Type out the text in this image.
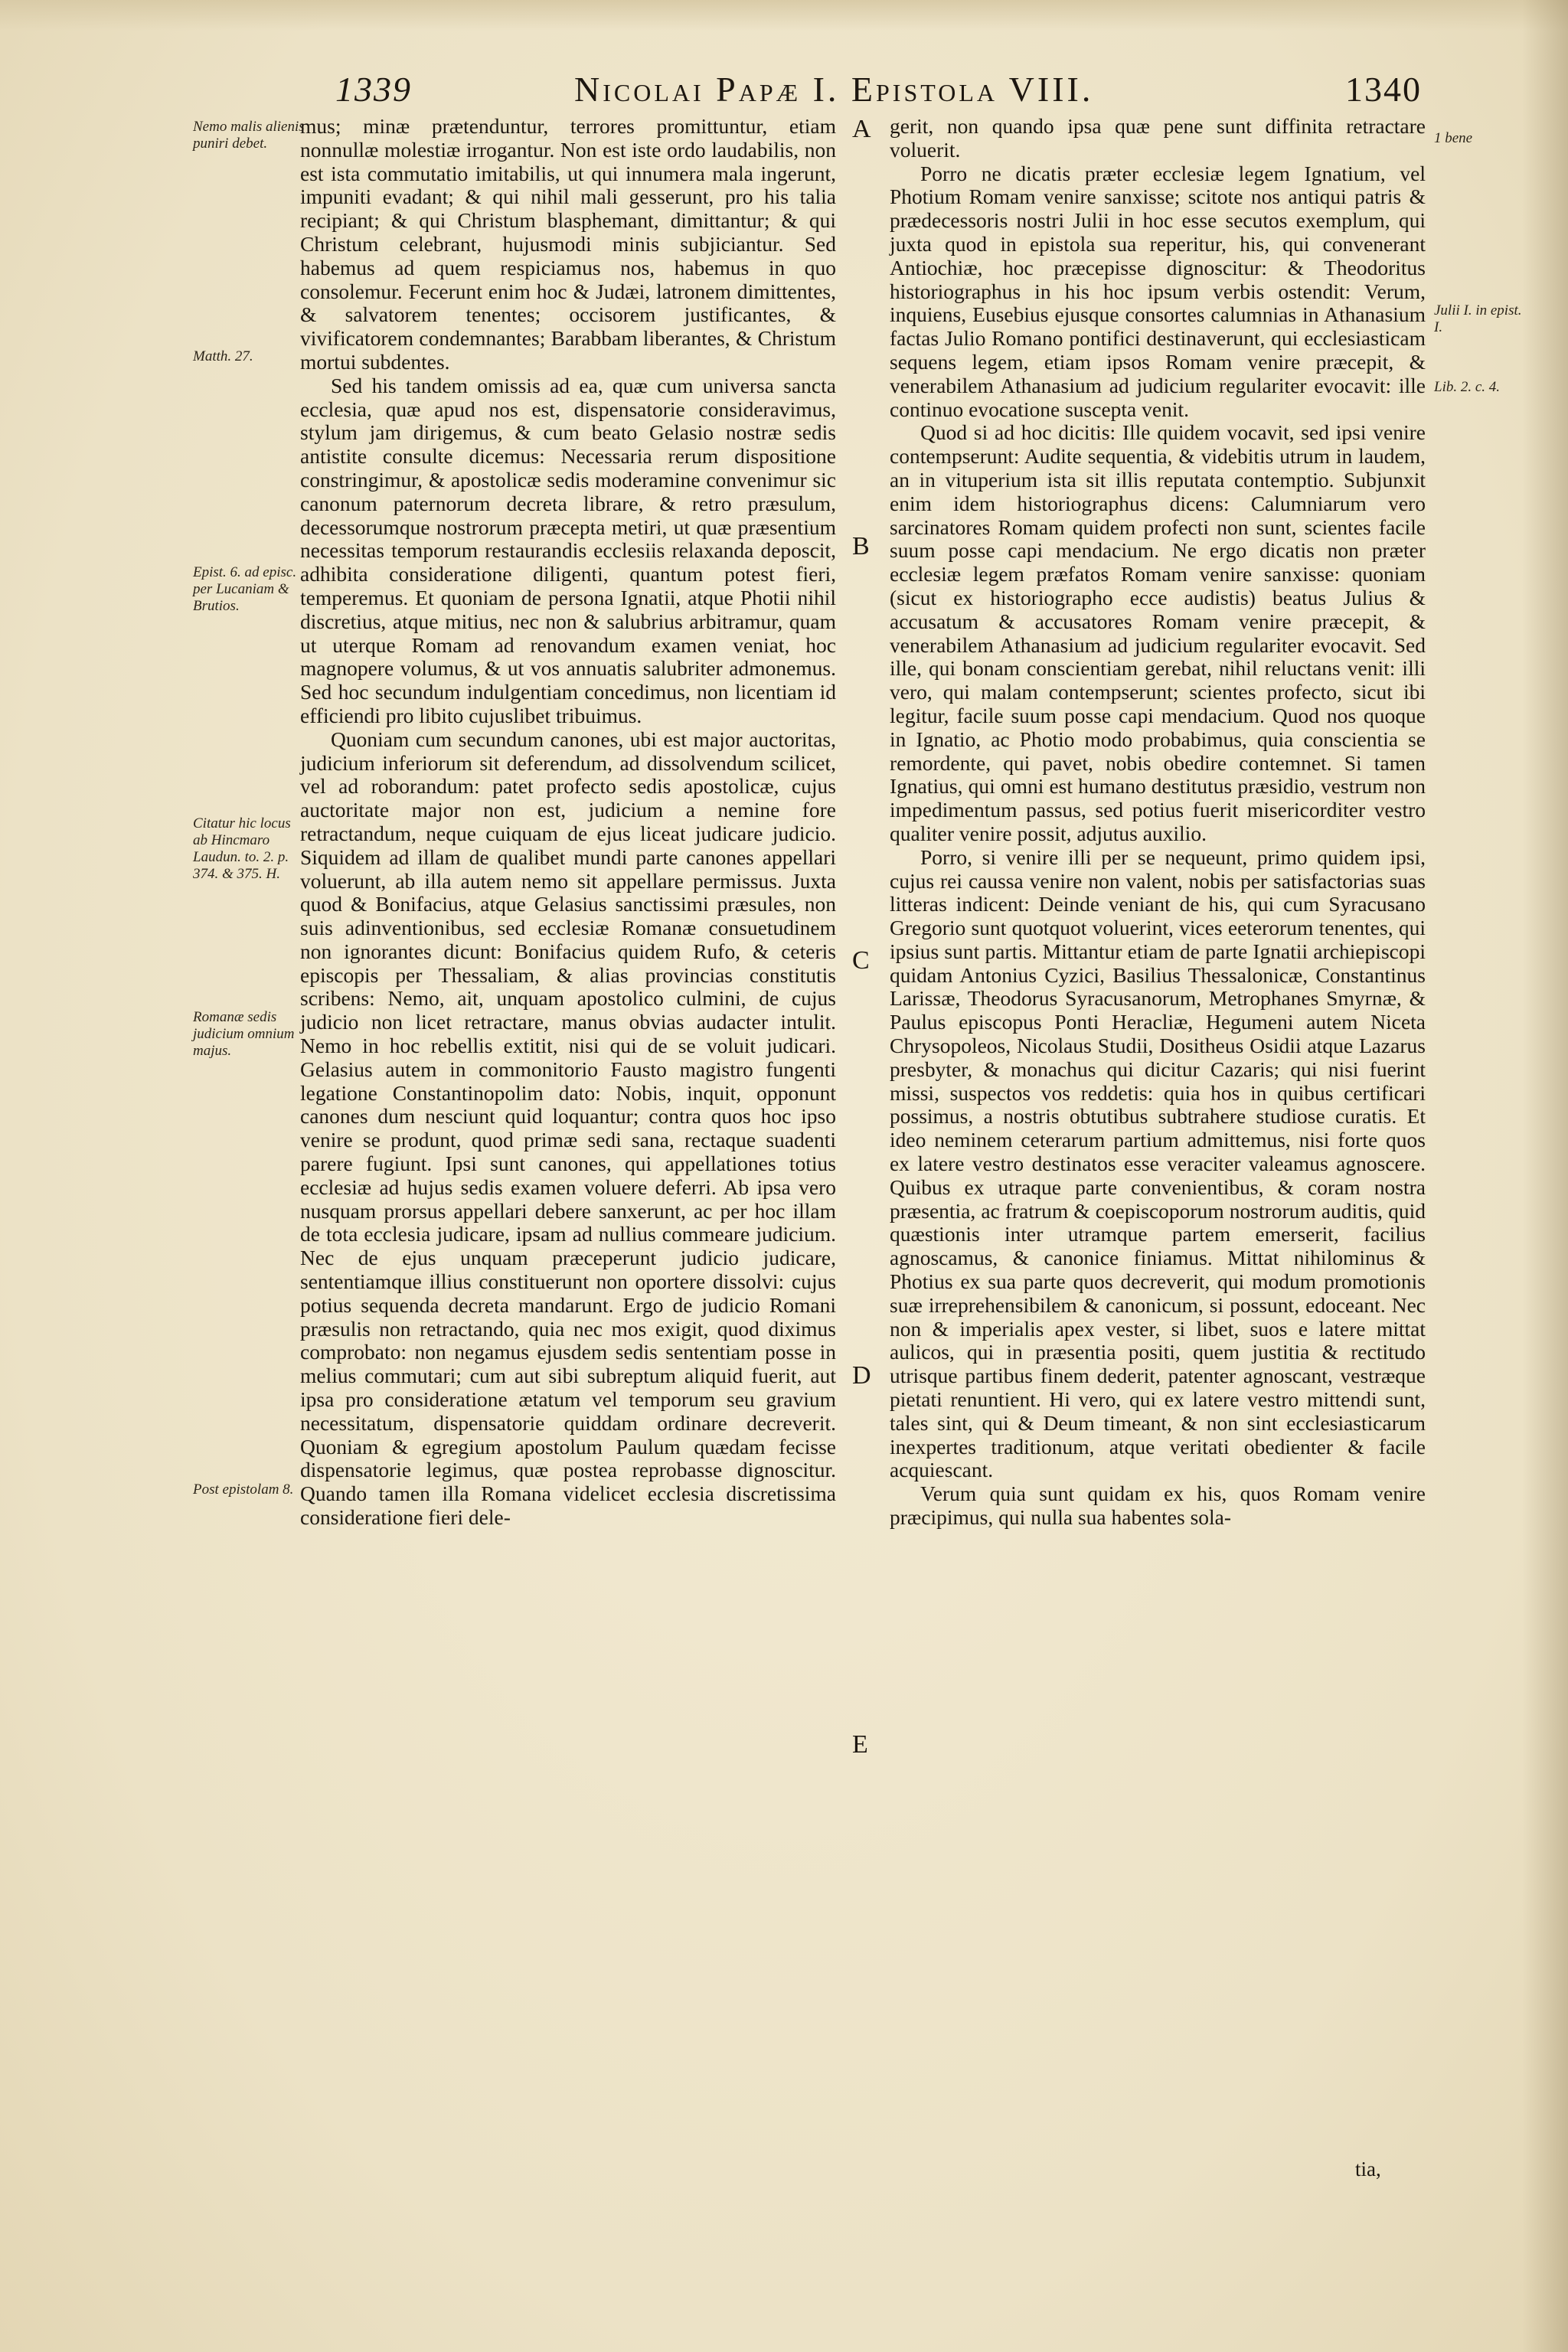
1339	Nicolai Papæ I. Epistola VIII.	1340
A
B
C
D
E
Nemo malis alienis puniri debet.
Matth. 27.
Epist. 6. ad episc. per Lucaniam & Brutios.
Citatur hic locus ab Hincmaro Laudun. to. 2. p. 374. & 375. H.
Romanæ sedis judicium omnium majus.
Post epistolam 8.
1 bene
Julii I. in epist. I.
Lib. 2. c. 4.

mus; minæ prætenduntur, terrores promittuntur, etiam nonnullæ molestiæ irrogantur. Non est iste ordo laudabilis, non est ista commutatio imitabilis, ut qui innumera mala ingerunt, impuniti evadant; & qui nihil mali gesserunt, pro his talia recipiant; & qui Christum blasphemant, dimittantur; & qui Christum celebrant, hujusmodi minis subjiciantur. Sed habemus ad quem respiciamus nos, habemus in quo consolemur. Fecerunt enim hoc & Judæi, latronem dimittentes, & salvatorem tenentes; occisorem justificantes, & vivificatorem condemnantes; Barabbam liberantes, & Christum mortui subdentes.

Sed his tandem omissis ad ea, quæ cum universa sancta ecclesia, quæ apud nos est, dispensatorie consideravimus, stylum jam dirigemus, & cum beato Gelasio nostræ sedis antistite consulte dicemus: Necessaria rerum dispositione constringimur, & apostolicæ sedis moderamine convenimur sic canonum paternorum decreta librare, & retro præsulum, decessorumque nostrorum præcepta metiri, ut quæ præsentium necessitas temporum restaurandis ecclesiis relaxanda deposcit, adhibita consideratione diligenti, quantum potest fieri, temperemus. Et quoniam de persona Ignatii, atque Photii nihil discretius, atque mitius, nec non & salubrius arbitramur, quam ut uterque Romam ad renovandum examen veniat, hoc magnopere volumus, & ut vos annuatis salubriter admonemus. Sed hoc secundum indulgentiam concedimus, non licentiam id efficiendi pro libito cujuslibet tribuimus.

Quoniam cum secundum canones, ubi est major auctoritas, judicium inferiorum sit deferendum, ad dissolvendum scilicet, vel ad roborandum: patet profecto sedis apostolicæ, cujus auctoritate major non est, judicium a nemine fore retractandum, neque cuiquam de ejus liceat judicare judicio. Siquidem ad illam de qualibet mundi parte canones appellari voluerunt, ab illa autem nemo sit appellare permissus. Juxta quod & Bonifacius, atque Gelasius sanctissimi præsules, non suis adinventionibus, sed ecclesiæ Romanæ consuetudinem non ignorantes dicunt: Bonifacius quidem Rufo, & ceteris episcopis per Thessaliam, & alias provincias constitutis scribens: Nemo, ait, unquam apostolico culmini, de cujus judicio non licet retractare, manus obvias audacter intulit. Nemo in hoc rebellis extitit, nisi qui de se voluit judicari. Gelasius autem in commonitorio Fausto magistro fungenti legatione Constantinopolim dato: Nobis, inquit, opponunt canones dum nesciunt quid loquantur; contra quos hoc ipso venire se produnt, quod primæ sedi sana, rectaque suadenti parere fugiunt. Ipsi sunt canones, qui appellationes totius ecclesiæ ad hujus sedis examen voluere deferri. Ab ipsa vero nusquam prorsus appellari debere sanxerunt, ac per hoc illam de tota ecclesia judicare, ipsam ad nullius commeare judicium. Nec de ejus unquam præceperunt judicio judicare, sententiamque illius constituerunt non oportere dissolvi: cujus potius sequenda decreta mandarunt. Ergo de judicio Romani præsulis non retractando, quia nec mos exigit, quod diximus comprobato: non negamus ejusdem sedis sententiam posse in melius commutari; cum aut sibi subreptum aliquid fuerit, aut ipsa pro consideratione ætatum vel temporum seu gravium necessitatum, dispensatorie quiddam ordinare decreverit. Quoniam & egregium apostolum Paulum quædam fecisse dispensatorie legimus, quæ postea reprobasse dignoscitur. Quando tamen illa Romana videlicet ecclesia discretissima consideratione fieri dele-

gerit, non quando ipsa quæ pene sunt diffinita retractare voluerit.

Porro ne dicatis præter ecclesiæ legem Ignatium, vel Photium Romam venire sanxisse; scitote nos antiqui patris & prædecessoris nostri Julii in hoc esse secutos exemplum, qui juxta quod in epistola sua reperitur, his, qui convenerant Antiochiæ, hoc præcepisse dignoscitur: & Theodoritus historiographus in his hoc ipsum verbis ostendit: Verum, inquiens, Eusebius ejusque consortes calumnias in Athanasium factas Julio Romano pontifici destinaverunt, qui ecclesiasticam sequens legem, etiam ipsos Romam venire præcepit, & venerabilem Athanasium ad judicium regulariter evocavit: ille continuo evocatione suscepta venit.

Quod si ad hoc dicitis: Ille quidem vocavit, sed ipsi venire contempserunt: Audite sequentia, & videbitis utrum in laudem, an in vituperium ista sit illis reputata contemptio. Subjunxit enim idem historiographus dicens: Calumniarum vero sarcinatores Romam quidem profecti non sunt, scientes facile suum posse capi mendacium. Ne ergo dicatis non præter ecclesiæ legem præfatos Romam venire sanxisse: quoniam (sicut ex historiographo ecce audistis) beatus Julius & accusatum & accusatores Romam venire præcepit, & venerabilem Athanasium ad judicium regulariter evocavit. Sed ille, qui bonam conscientiam gerebat, nihil reluctans venit: illi vero, qui malam contempserunt; scientes profecto, sicut ibi legitur, facile suum posse capi mendacium. Quod nos quoque in Ignatio, ac Photio modo probabimus, quia conscientia se remordente, qui pavet, nobis obedire contemnet. Si tamen Ignatius, qui omni est humano destitutus præsidio, vestrum non impedimentum passus, sed potius fuerit misericorditer vestro qualiter venire possit, adjutus auxilio.

Porro, si venire illi per se nequeunt, primo quidem ipsi, cujus rei caussa venire non valent, nobis per satisfactorias suas litteras indicent: Deinde veniant de his, qui cum Syracusano Gregorio sunt quotquot voluerint, vices eeterorum tenentes, qui ipsius sunt partis. Mittantur etiam de parte Ignatii archiepiscopi quidam Antonius Cyzici, Basilius Thessalonicæ, Constantinus Larissæ, Theodorus Syracusanorum, Metrophanes Smyrnæ, & Paulus episcopus Ponti Heracliæ, Hegumeni autem Niceta Chrysopoleos, Nicolaus Studii, Dositheus Osidii atque Lazarus presbyter, & monachus qui dicitur Cazaris; qui nisi fuerint missi, suspectos vos reddetis: quia hos in quibus certificari possimus, a nostris obtutibus subtrahere studiose curatis. Et ideo neminem ceterarum partium admittemus, nisi forte quos ex latere vestro destinatos esse veraciter valeamus agnoscere. Quibus ex utraque parte convenientibus, & coram nostra præsentia, ac fratrum & coepiscoporum nostrorum auditis, quid quæstionis inter utramque partem emerserit, facilius agnoscamus, & canonice finiamus. Mittat nihilominus & Photius ex sua parte quos decreverit, qui modum promotionis suæ irreprehensibilem & canonicum, si possunt, edoceant. Nec non & imperialis apex vester, si libet, suos e latere mittat aulicos, qui in præsentia positi, quem justitia & rectitudo utrisque partibus finem dederit, patenter agnoscant, vestræque pietati renuntient. Hi vero, qui ex latere vestro mittendi sunt, tales sint, qui & Deum timeant, & non sint ecclesiasticarum inexpertes traditionum, atque veritati obedienter & facile acquiescant.

Verum quia sunt quidam ex his, quos Romam venire præcipimus, qui nulla sua habentes sola-

tia,
